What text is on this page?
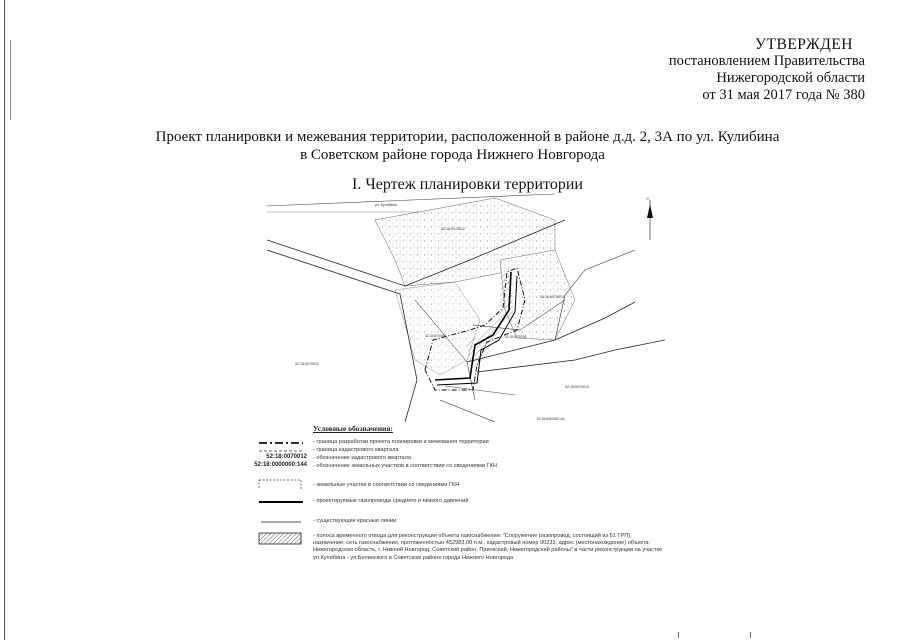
УТВЕРЖДЕН
постановлением Правительства
Нижегородской области
от 31 мая 2017 года № 380
Проект планировки и межевания территории, расположенной в районе д.д. 2, 3А по ул. Кулибина
в Советском районе города Нижнего Новгорода
I. Чертеж планировки территории
ул. Кулибина
52:18:0070012
52:18:0070013
52:18:0070011
52:18:0070010
52:18:0070009	52:18:0070008
52:18:0000000:144
С
Условные обозначения:
- граница разработки проекта планировки и межевания территории
- граница кадастрового квартала
52:18:0070012 - обозначение кадастрового квартала
52:18:0000000:144 - обозначение земельных участков в соответствии со сведениями ГКН
- земельные участки в соответствии со сведениями ГКН
- проектируемые газопроводы среднего и низкого давлений
- существующие красные линии
- полоса временного отвода для реконструкции объекта газоснабжения: "Сооружение (газопровод, состоящий из 51 ГРП), назначение: сеть газоснабжения, протяженностью 452983,00 п.м., кадастровый номер 90233, адрес (местонахождение) объекта: Нижегородская область, г. Нижний Новгород, Советский район, Приокский, Нижегородский районы" в части реконструкции на участке ул.Кулибина - ул.Белинского в Советском районе города Нижнего Новгорода
